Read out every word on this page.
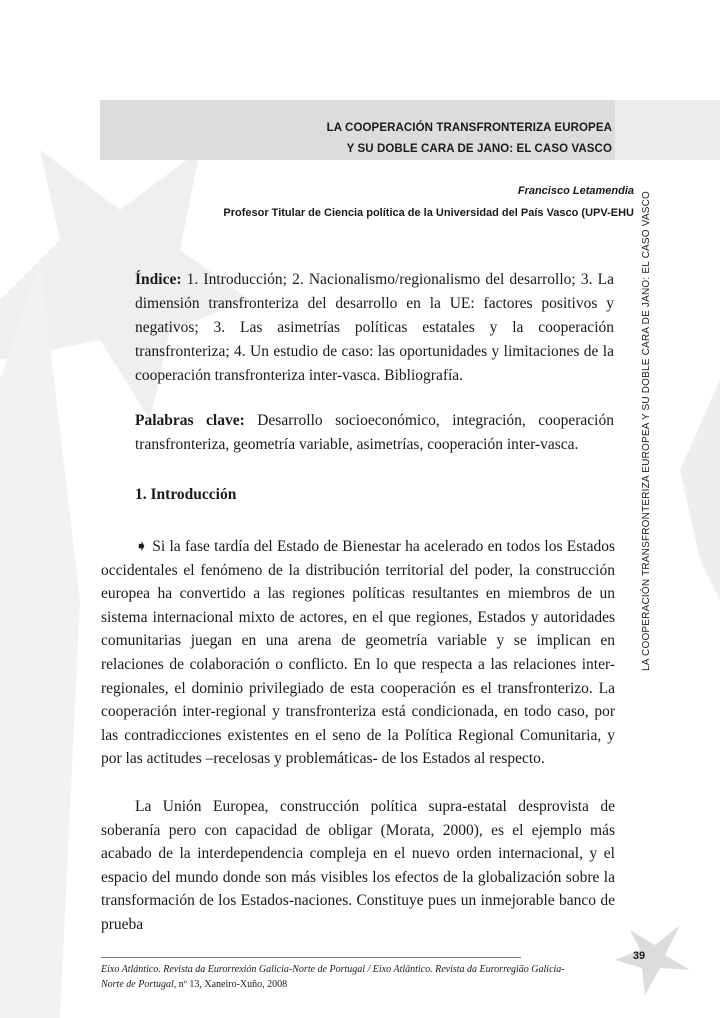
LA COOPERACIÓN TRANSFRONTERIZA EUROPEA
Y SU DOBLE CARA DE JANO: EL CASO VASCO
Francisco Letamendia
Profesor Titular de Ciencia política de la Universidad del País Vasco (UPV-EHU LA COOPERACIÓN TRANSFRONTERIZA EUROPEA Y SU DOBLE CARA DE JANO: EL CASO VASCO

Índice: 1. Introducción; 2. Nacionalismo/regionalismo del desarrollo; 3. La dimensión transfronteriza del desarrollo en la UE: factores positivos y negativos; 3. Las asimetrías políticas estatales y la cooperación transfronteriza; 4. Un estudio de caso: las oportunidades y limitaciones de la cooperación transfronteriza inter-vasca. Bibliografía.

Palabras clave: Desarrollo socioeconómico, integración, cooperación transfronteriza, geometría variable, asimetrías, cooperación inter-vasca.

1. Introducción

➧ Si la fase tardía del Estado de Bienestar ha acelerado en todos los Estados occidentales el fenómeno de la distribución territorial del poder, la construcción europea ha convertido a las regiones políticas resultantes en miembros de un sistema internacional mixto de actores, en el que regiones, Estados y autoridades comunitarias juegan en una arena de geometría variable y se implican en relaciones de colaboración o conflicto. En lo que respecta a las relaciones inter-regionales, el dominio privilegiado de esta cooperación es el transfronterizo. La cooperación inter-regional y transfronteriza está condicionada, en todo caso, por las contradicciones existentes en el seno de la Política Regional Comunitaria, y por las actitudes –recelosas y problemáticas- de los Estados al respecto.

La Unión Europea, construcción política supra-estatal desprovista de soberanía pero con capacidad de obligar (Morata, 2000), es el ejemplo más acabado de la interdependencia compleja en el nuevo orden internacional, y el espacio del mundo donde son más visibles los efectos de la globalización sobre la transformación de los Estados-naciones. Constituye pues un inmejorable banco de prueba

Eixo Atlántico. Revista da Eurorrexión Galicia-Norte de Portugal / Eixo Atlântico. Revista da Eurorregião Galicia-Norte de Portugal, nº 13, Xaneiro-Xuño, 2008
39
